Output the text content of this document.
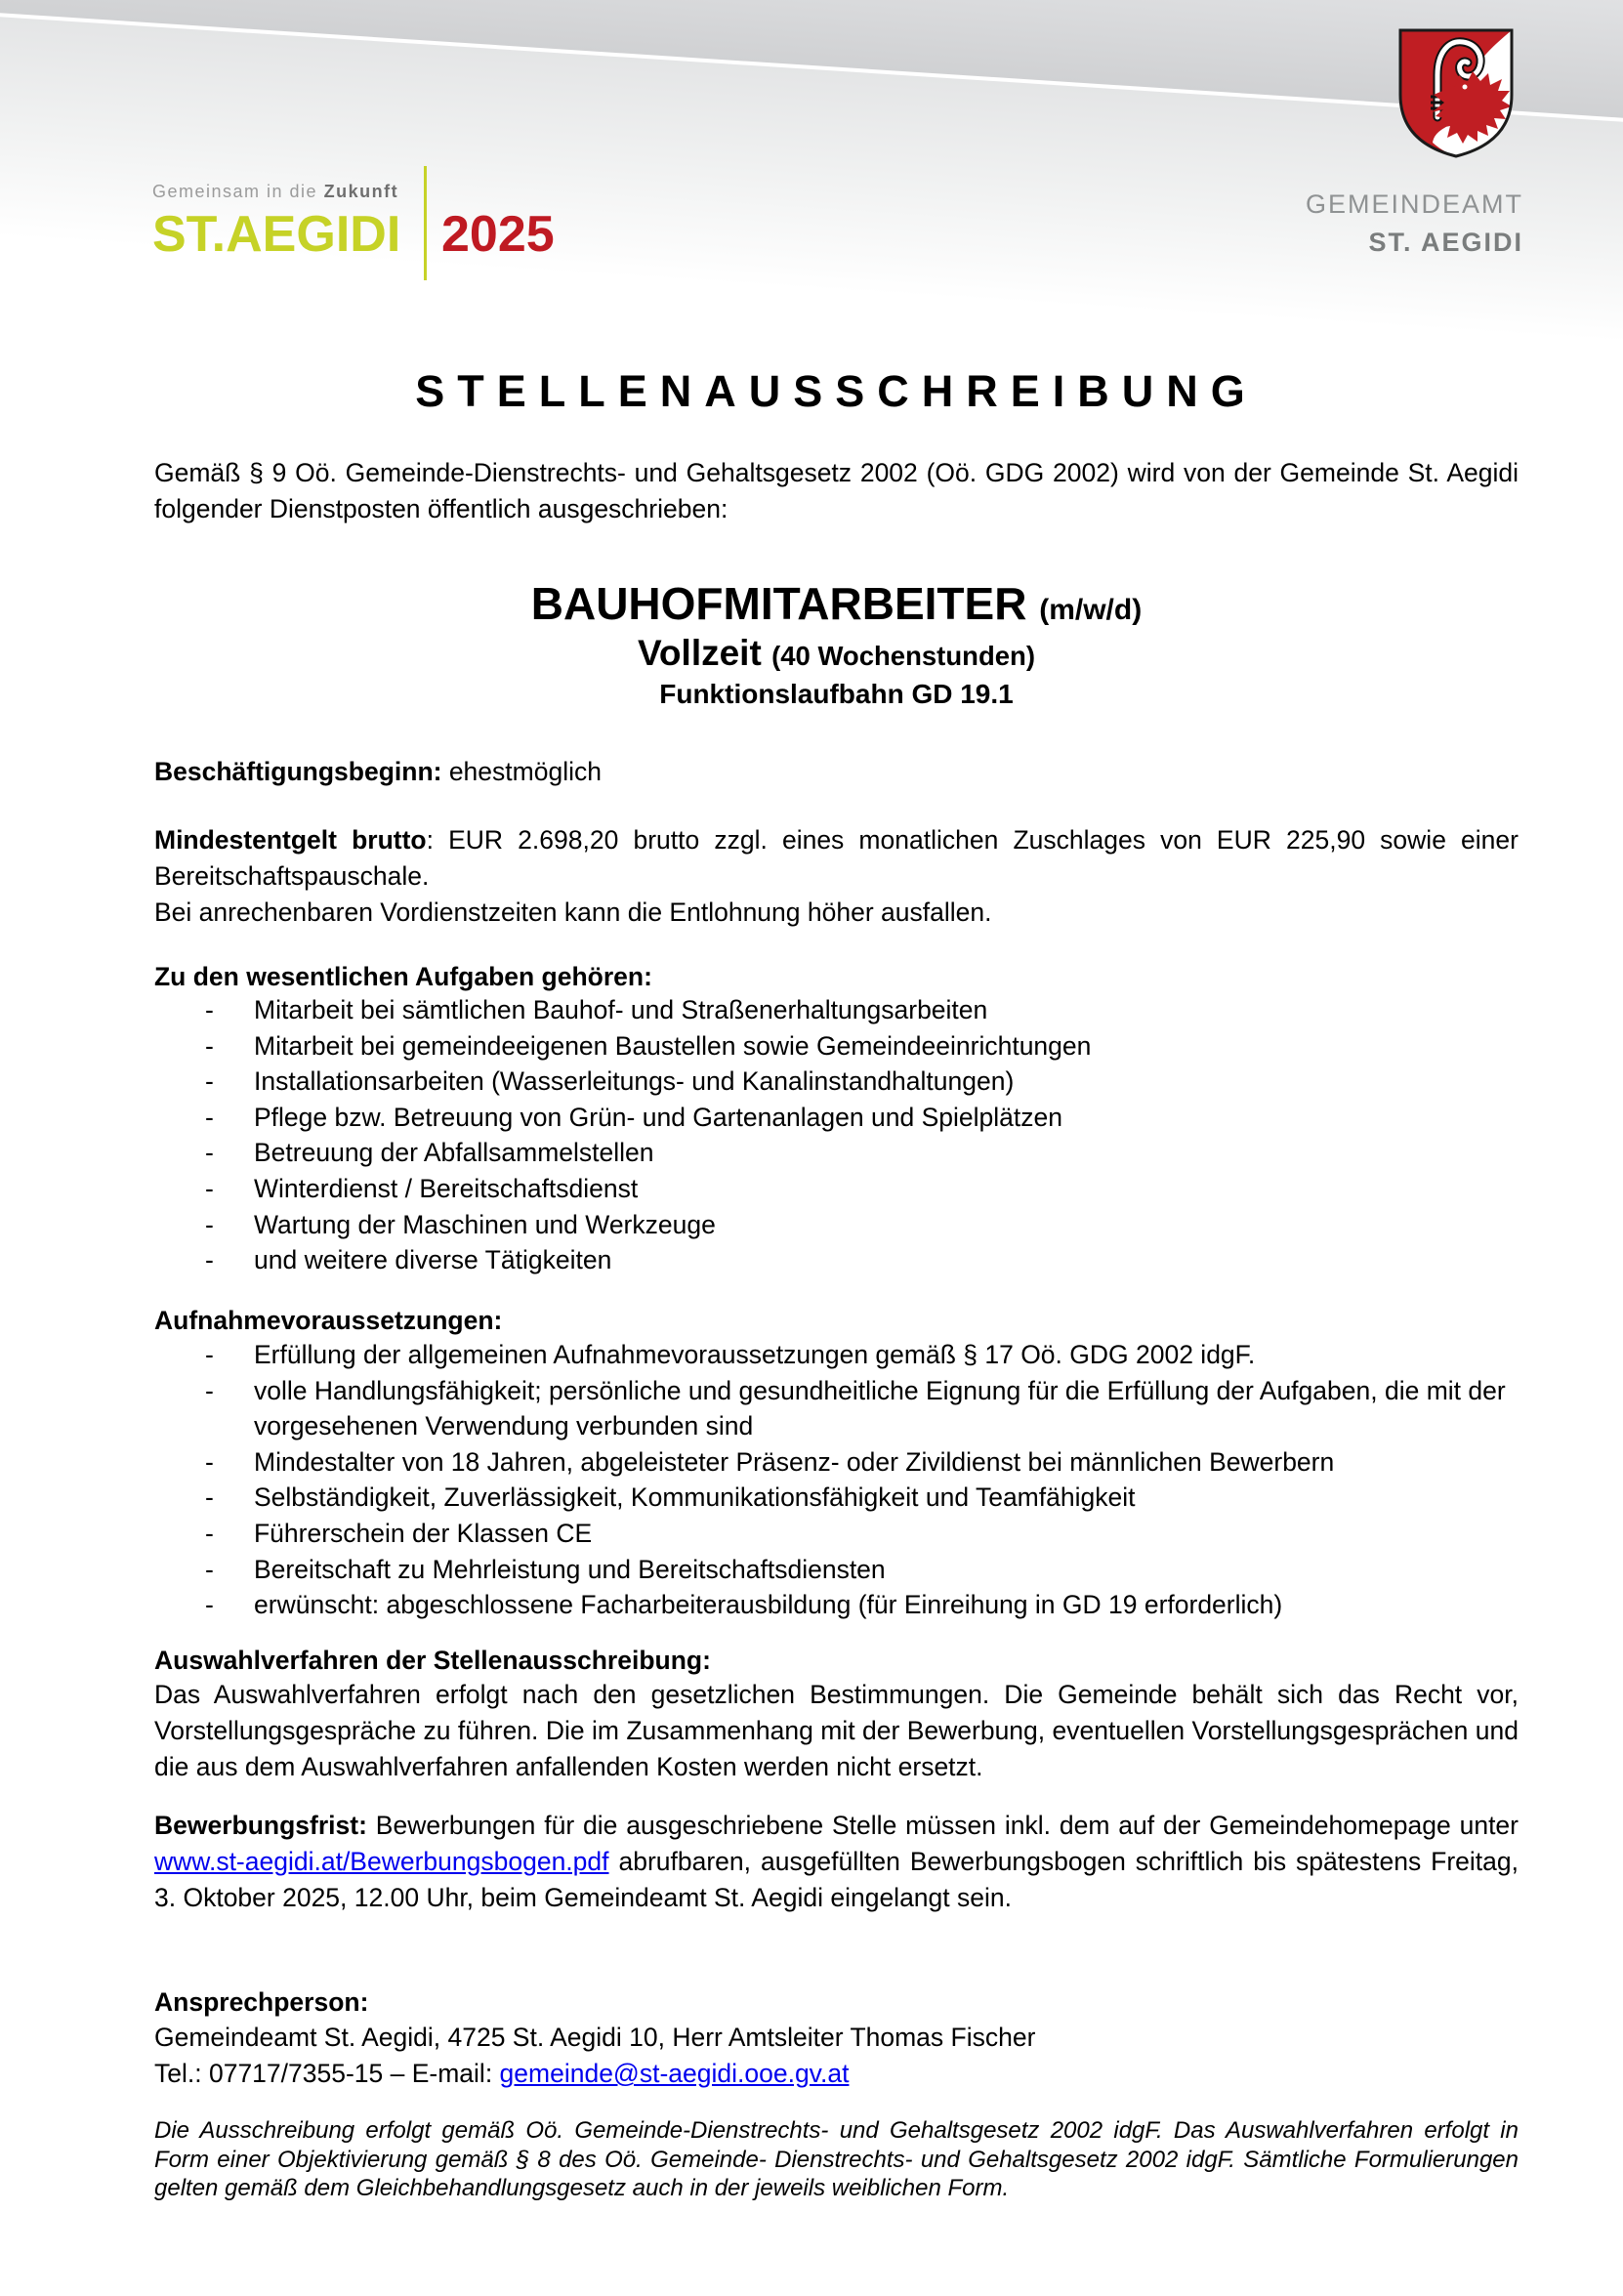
Gemeinsam in die Zukunft
ST.AEGIDI 2025
GEMEINDEAMT
ST. AEGIDI
STELLENAUSSCHREIBUNG
Gemäß § 9 Oö. Gemeinde-Dienstrechts- und Gehaltsgesetz 2002 (Oö. GDG 2002) wird von der Gemeinde St. Aegidi folgender Dienstposten öffentlich ausgeschrieben:
BAUHOFMITARBEITER (m/w/d)
Vollzeit (40 Wochenstunden)
Funktionslaufbahn GD 19.1
Beschäftigungsbeginn: ehestmöglich

Mindestentgelt brutto: EUR 2.698,20 brutto zzgl. eines monatlichen Zuschlages von EUR 225,90 sowie einer Bereitschaftspauschale.

Bei anrechenbaren Vordienstzeiten kann die Entlohnung höher ausfallen.

Zu den wesentlichen Aufgaben gehören:
- Mitarbeit bei sämtlichen Bauhof- und Straßenerhaltungsarbeiten
- Mitarbeit bei gemeindeeigenen Baustellen sowie Gemeindeeinrichtungen
- Installationsarbeiten (Wasserleitungs- und Kanalinstandhaltungen)
- Pflege bzw. Betreuung von Grün- und Gartenanlagen und Spielplätzen
- Betreuung der Abfallsammelstellen
- Winterdienst / Bereitschaftsdienst
- Wartung der Maschinen und Werkzeuge
- und weitere diverse Tätigkeiten
Aufnahmevoraussetzungen:
- Erfüllung der allgemeinen Aufnahmevoraussetzungen gemäß § 17 Oö. GDG 2002 idgF.
- volle Handlungsfähigkeit; persönliche und gesundheitliche Eignung für die Erfüllung der Aufgaben, die mit der vorgesehenen Verwendung verbunden sind
- Mindestalter von 18 Jahren, abgeleisteter Präsenz- oder Zivildienst bei männlichen Bewerbern
- Selbständigkeit, Zuverlässigkeit, Kommunikationsfähigkeit und Teamfähigkeit
- Führerschein der Klassen CE
- Bereitschaft zu Mehrleistung und Bereitschaftsdiensten
- erwünscht: abgeschlossene Facharbeiterausbildung (für Einreihung in GD 19 erforderlich)
Auswahlverfahren der Stellenausschreibung:
Das Auswahlverfahren erfolgt nach den gesetzlichen Bestimmungen. Die Gemeinde behält sich das Recht vor, Vorstellungsgespräche zu führen. Die im Zusammenhang mit der Bewerbung, eventuellen Vorstellungsgesprächen und die aus dem Auswahlverfahren anfallenden Kosten werden nicht ersetzt.
Bewerbungsfrist: Bewerbungen für die ausgeschriebene Stelle müssen inkl. dem auf der Gemeindehomepage unter www.st-aegidi.at/Bewerbungsbogen.pdf abrufbaren, ausgefüllten Bewerbungsbogen schriftlich bis spätestens Freitag, 3. Oktober 2025, 12.00 Uhr, beim Gemeindeamt St. Aegidi eingelangt sein.
Ansprechperson:
Gemeindeamt St. Aegidi, 4725 St. Aegidi 10, Herr Amtsleiter Thomas Fischer
Tel.: 07717/7355-15 – E-mail: gemeinde@st-aegidi.ooe.gv.at
Die Ausschreibung erfolgt gemäß Oö. Gemeinde-Dienstrechts- und Gehaltsgesetz 2002 idgF. Das Auswahlverfahren erfolgt in Form einer Objektivierung gemäß § 8 des Oö. Gemeinde- Dienstrechts- und Gehaltsgesetz 2002 idgF. Sämtliche Formulierungen gelten gemäß dem Gleichbehandlungsgesetz auch in der jeweils weiblichen Form.
